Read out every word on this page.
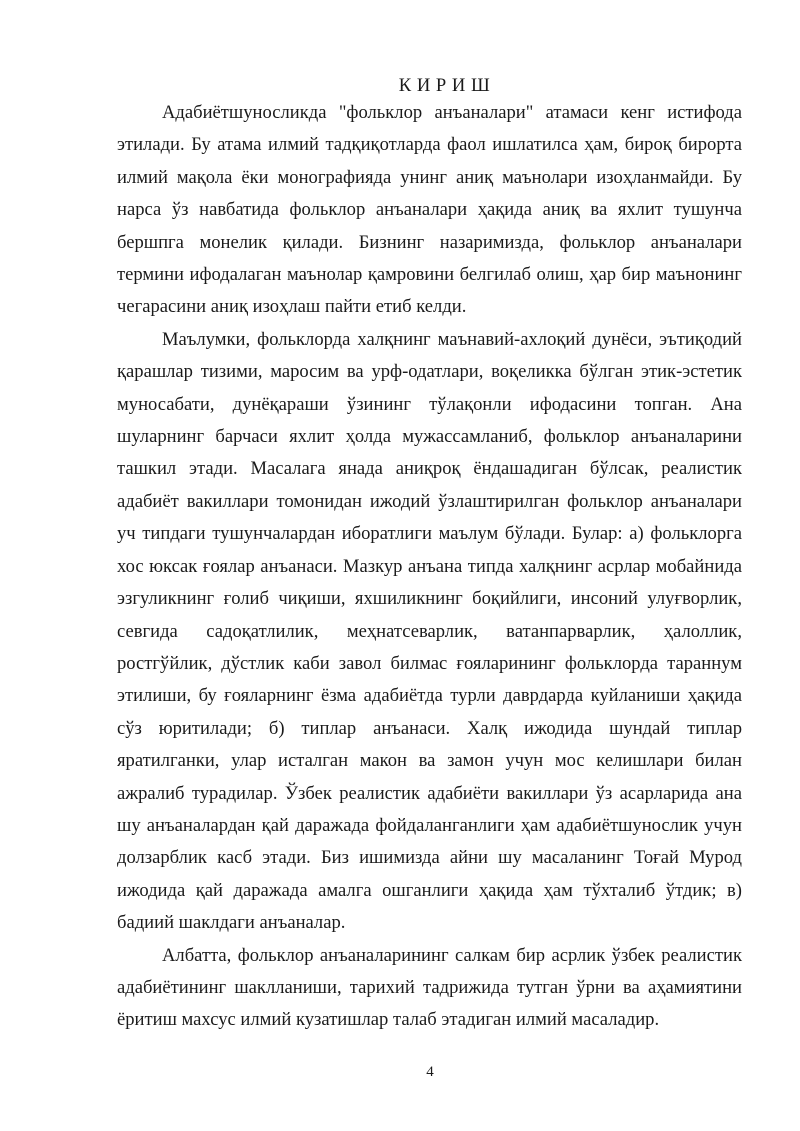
К И Р И Ш

Адабиётшуносликда "фольклор анъаналари" атамаси кенг истифода этилади. Бу атама илмий тадқиқотларда фаол ишлатилса ҳам, бироқ бирорта илмий мақола ёки монографияда унинг аниқ маънолари изоҳланмайди. Бу нарса ўз навбатида фольклор анъаналари ҳақида аниқ ва яхлит тушунча бершпга монелик қилади. Бизнинг назаримизда, фольклор анъаналари термини ифодалаган маънолар қамровини белгилаб олиш, ҳар бир маънонинг чегарасини аниқ изоҳлаш пайти етиб келди.

Маълумки, фольклорда халқнинг маънавий-ахлоқий дунёси, эътиқодий қарашлар тизими, маросим ва урф-одатлари, воқеликка бўлган этик-эстетик муносабати, дунёқараши ўзининг тўлақонли ифодасини топган. Ана шуларнинг барчаси яхлит ҳолда мужассамланиб, фольклор анъаналарини ташкил этади. Масалага янада аниқроқ ёндашадиган бўлсак, реалистик адабиёт вакиллари томонидан ижодий ўзлаштирилган фольклор анъаналари уч типдаги тушунчалардан иборатлиги маълум бўлади. Булар: а) фольклорга хос юксак ғоялар анъанаси. Мазкур анъана типда халқнинг асрлар мобайнида эзгуликнинг ғолиб чиқиши, яхшиликнинг боқийлиги, инсоний улуғворлик, севгида садоқатлилик, меҳнатсеварлик, ватанпарварлик, ҳалоллик, ростгўйлик, дўстлик каби завол билмас ғояларининг фольклорда тараннум этилиши, бу ғояларнинг ёзма адабиётда турли даврдарда куйланиши ҳақида сўз юритилади; б) типлар анъанаси. Халқ ижодида шундай типлар яратилганки, улар исталган макон ва замон учун мос келишлари билан ажралиб турадилар. Ўзбек реалистик адабиёти вакиллари ўз асарларида ана шу анъаналардан қай даражада фойдаланганлиги ҳам адабиётшунослик учун долзарблик касб этади. Биз ишимизда айни шу масаланинг Тоғай Мурод ижодида қай даражада амалга ошганлиги ҳақида ҳам тўхталиб ўтдик; в) бадиий шаклдаги анъаналар.

Албатта, фольклор анъаналарининг салкам бир асрлик ўзбек реалистик адабиётининг шаклланиши, тарихий тадрижида тутган ўрни ва аҳамиятини ёритиш махсус илмий кузатишлар талаб этадиган илмий масаладир.

4
